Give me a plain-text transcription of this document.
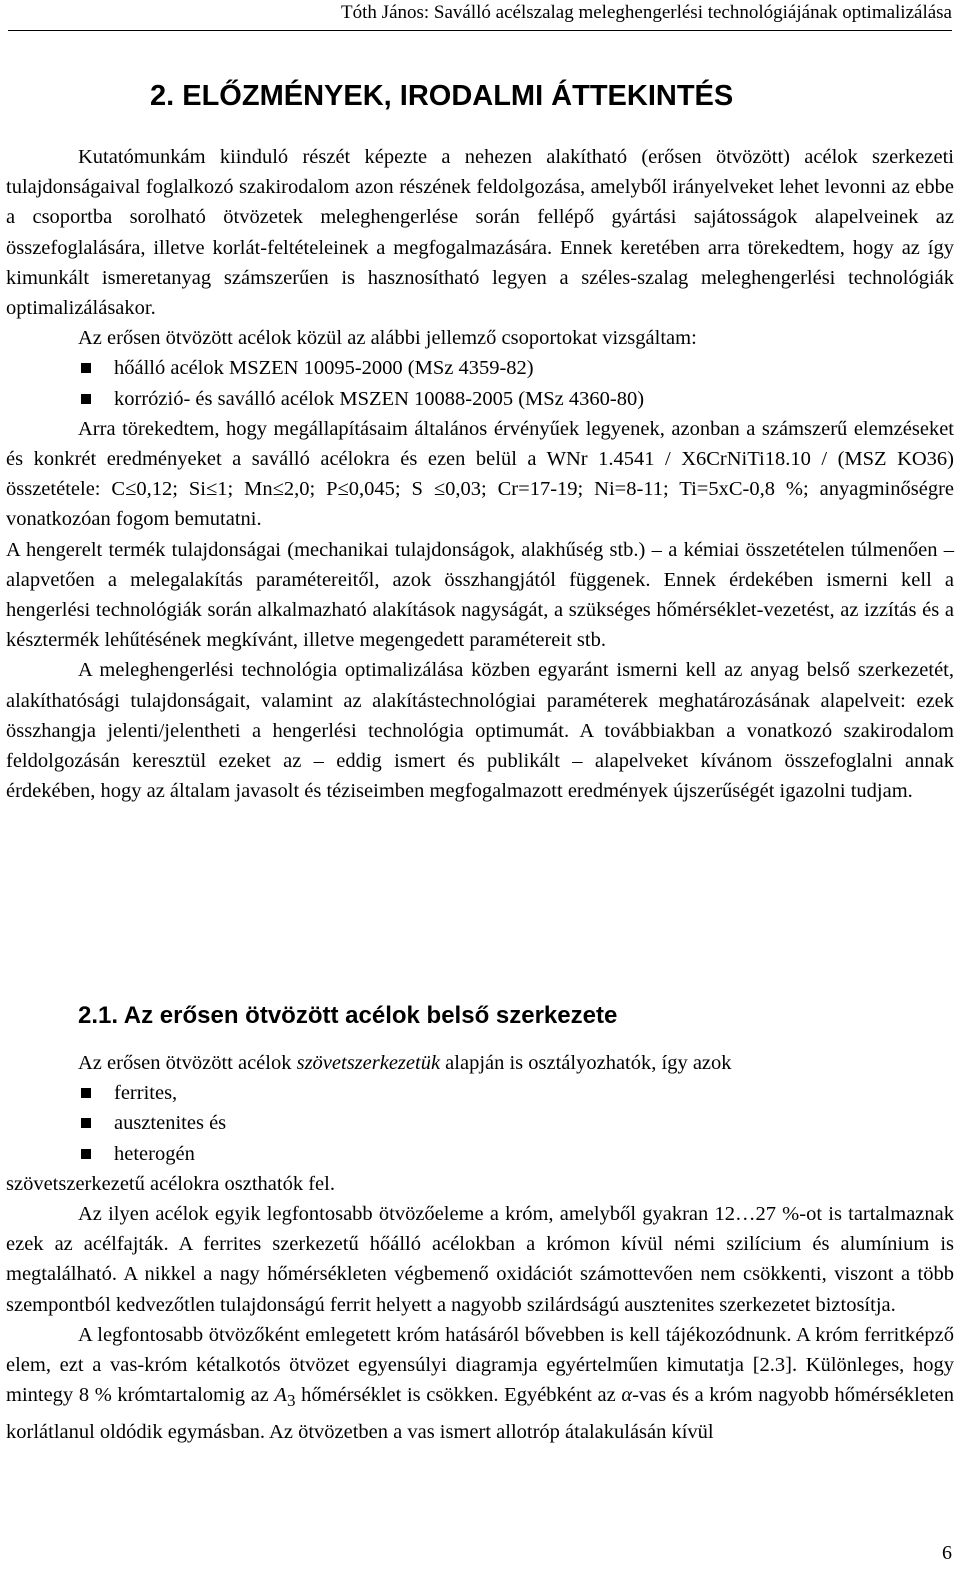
Tóth János: Saválló acélszalag meleghengerlési technológiájának optimalizálása
2. ELŐZMÉNYEK, IRODALMI ÁTTEKINTÉS

Kutatómunkám kiinduló részét képezte a nehezen alakítható (erősen ötvözött) acélok szerkezeti tulajdonságaival foglalkozó szakirodalom azon részének feldolgozása, amelyből irányelveket lehet levonni az ebbe a csoportba sorolható ötvözetek meleghengerlése során fellépő gyártási sajátosságok alapelveinek az összefoglalására, illetve korlát-feltételeinek a megfogalmazására. Ennek keretében arra törekedtem, hogy az így kimunkált ismeretanyag számszerűen is hasznosítható legyen a széles-szalag meleghengerlési technológiák optimalizálásakor.

Az erősen ötvözött acélok közül az alábbi jellemző csoportokat vizsgáltam:

hőálló acélok MSZEN 10095-2000 (MSz 4359-82)
korrózió- és saválló acélok MSZEN 10088-2005 (MSz 4360-80)

Arra törekedtem, hogy megállapításaim általános érvényűek legyenek, azonban a számszerű elemzéseket és konkrét eredményeket a saválló acélokra és ezen belül a WNr 1.4541 / X6CrNiTi18.10 / (MSZ KO36) összetétele: C≤0,12; Si≤1; Mn≤2,0; P≤0,045; S ≤0,03; Cr=17-19; Ni=8-11; Ti=5xC-0,8 %; anyagminőségre vonatkozóan fogom bemutatni.

A hengerelt termék tulajdonságai (mechanikai tulajdonságok, alakhűség stb.) – a kémiai összetételen túlmenően – alapvetően a melegalakítás paramétereitől, azok összhangjától függenek. Ennek érdekében ismerni kell a hengerlési technológiák során alkalmazható alakítások nagyságát, a szükséges hőmérséklet-vezetést, az izzítás és a késztermék lehűtésének megkívánt, illetve megengedett paramétereit stb.

A meleghengerlési technológia optimalizálása közben egyaránt ismerni kell az anyag belső szerkezetét, alakíthatósági tulajdonságait, valamint az alakítástechnológiai paraméterek meghatározásának alapelveit: ezek összhangja jelenti/jelentheti a hengerlési technológia optimumát. A továbbiakban a vonatkozó szakirodalom feldolgozásán keresztül ezeket az – eddig ismert és publikált – alapelveket kívánom összefoglalni annak érdekében, hogy az általam javasolt és téziseimben megfogalmazott eredmények újszerűségét igazolni tudjam.

2.1. Az erősen ötvözött acélok belső szerkezete

Az erősen ötvözött acélok szövetszerkezetük alapján is osztályozhatók, így azok

ferrites,
ausztenites és
heterogén

szövetszerkezetű acélokra oszthatók fel.

Az ilyen acélok egyik legfontosabb ötvözőeleme a króm, amelyből gyakran 12…27 %-ot is tartalmaznak ezek az acélfajták. A ferrites szerkezetű hőálló acélokban a krómon kívül némi szilícium és alumínium is megtalálható. A nikkel a nagy hőmérsékleten végbemenő oxidációt számottevően nem csökkenti, viszont a több szempontból kedvezőtlen tulajdonságú ferrit helyett a nagyobb szilárdságú ausztenites szerkezetet biztosítja.

A legfontosabb ötvözőként emlegetett króm hatásáról bővebben is kell tájékozódnunk. A króm ferritképző elem, ezt a vas-króm kétalkotós ötvözet egyensúlyi diagramja egyértelműen kimutatja [2.3]. Különleges, hogy mintegy 8 % krómtartalomig az $A_3$ hőmérséklet is csökken. Egyébként az α-vas és a króm nagyobb hőmérsékleten korlátlanul oldódik egymásban. Az ötvözetben a vas ismert allotróp átalakulásán kívül

6
